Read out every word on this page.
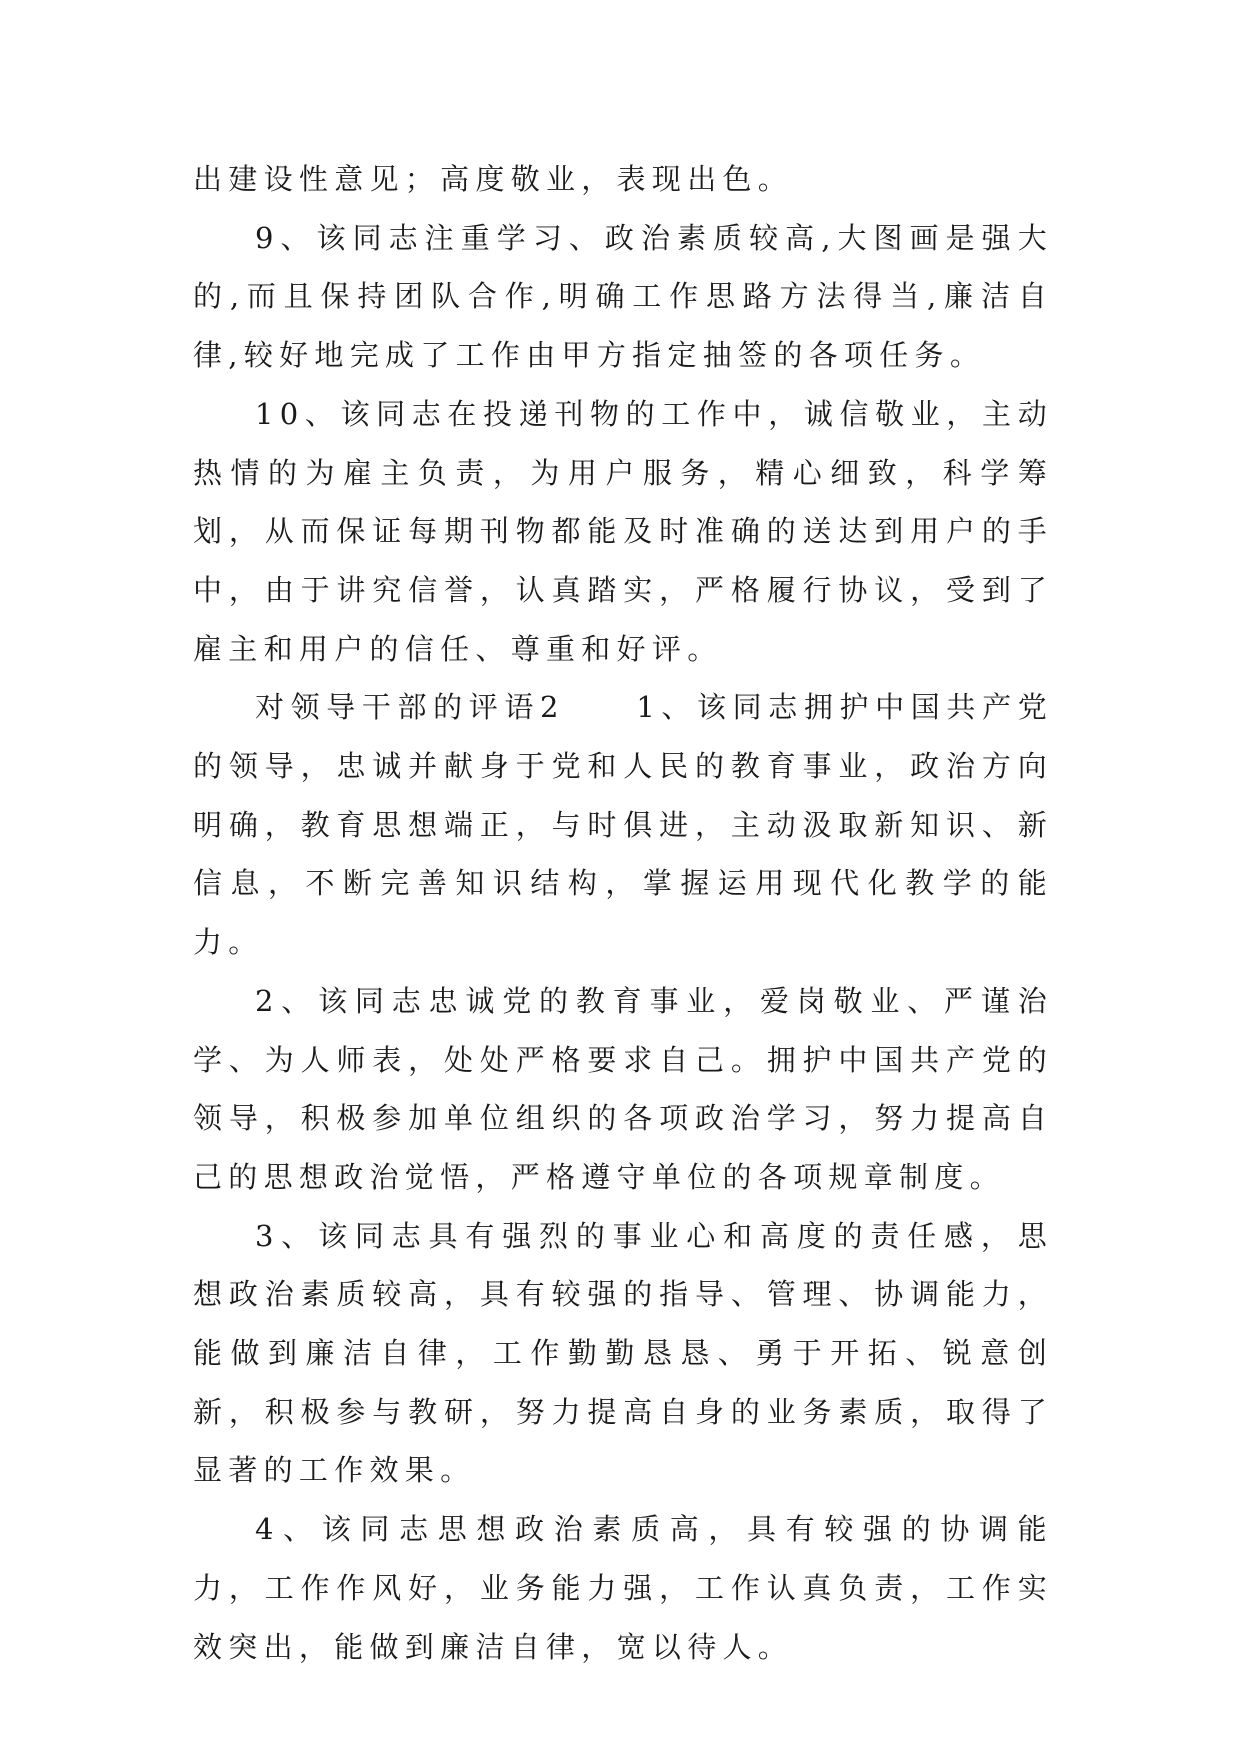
出建设性意见；高度敬业，表现出色。

9、该同志注重学习、政治素质较高,大图画是强大的,而且保持团队合作,明确工作思路方法得当,廉洁自律,较好地完成了工作由甲方指定抽签的各项任务。

10、该同志在投递刊物的工作中，诚信敬业，主动热情的为雇主负责，为用户服务，精心细致，科学筹划，从而保证每期刊物都能及时准确的送达到用户的手中，由于讲究信誉，认真踏实，严格履行协议，受到了雇主和用户的信任、尊重和好评。

对领导干部的评语2　　1、该同志拥护中国共产党的领导，忠诚并献身于党和人民的教育事业，政治方向明确，教育思想端正，与时俱进，主动汲取新知识、新信息，不断完善知识结构，掌握运用现代化教学的能力。

2、该同志忠诚党的教育事业，爱岗敬业、严谨治学、为人师表，处处严格要求自己。拥护中国共产党的领导，积极参加单位组织的各项政治学习，努力提高自己的思想政治觉悟，严格遵守单位的各项规章制度。

3、该同志具有强烈的事业心和高度的责任感，思想政治素质较高，具有较强的指导、管理、协调能力，能做到廉洁自律，工作勤勤恳恳、勇于开拓、锐意创新，积极参与教研，努力提高自身的业务素质，取得了显著的工作效果。

4、该同志思想政治素质高，具有较强的协调能力，工作作风好，业务能力强，工作认真负责，工作实效突出，能做到廉洁自律，宽以待人。
